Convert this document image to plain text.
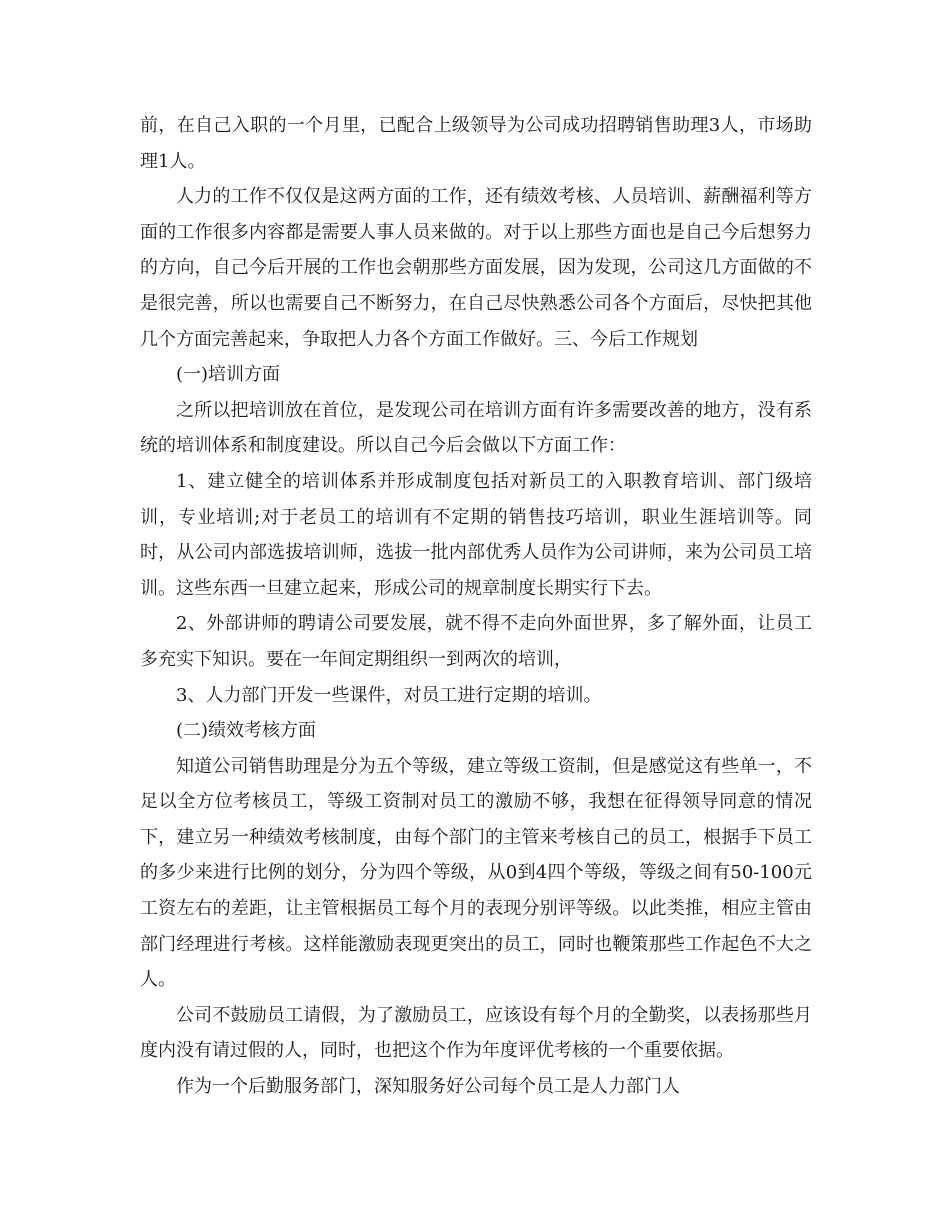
前，在自己入职的一个月里，已配合上级领导为公司成功招聘销售助理3人，市场助理1人。

人力的工作不仅仅是这两方面的工作，还有绩效考核、人员培训、薪酬福利等方面的工作很多内容都是需要人事人员来做的。对于以上那些方面也是自己今后想努力的方向，自己今后开展的工作也会朝那些方面发展，因为发现，公司这几方面做的不是很完善，所以也需要自己不断努力，在自己尽快熟悉公司各个方面后，尽快把其他几个方面完善起来，争取把人力各个方面工作做好。三、今后工作规划

(一)培训方面

之所以把培训放在首位，是发现公司在培训方面有许多需要改善的地方，没有系统的培训体系和制度建设。所以自己今后会做以下方面工作：

1、建立健全的培训体系并形成制度包括对新员工的入职教育培训、部门级培训，专业培训;对于老员工的培训有不定期的销售技巧培训，职业生涯培训等。同时，从公司内部选拔培训师，选拔一批内部优秀人员作为公司讲师，来为公司员工培训。这些东西一旦建立起来，形成公司的规章制度长期实行下去。

2、外部讲师的聘请公司要发展，就不得不走向外面世界，多了解外面，让员工多充实下知识。要在一年间定期组织一到两次的培训，

3、人力部门开发一些课件，对员工进行定期的培训。

(二)绩效考核方面

知道公司销售助理是分为五个等级，建立等级工资制，但是感觉这有些单一，不足以全方位考核员工，等级工资制对员工的激励不够，我想在征得领导同意的情况下，建立另一种绩效考核制度，由每个部门的主管来考核自己的员工，根据手下员工的多少来进行比例的划分，分为四个等级，从0到4四个等级，等级之间有50-100元工资左右的差距，让主管根据员工每个月的表现分别评等级。以此类推，相应主管由部门经理进行考核。这样能激励表现更突出的员工，同时也鞭策那些工作起色不大之人。

公司不鼓励员工请假，为了激励员工，应该设有每个月的全勤奖，以表扬那些月度内没有请过假的人，同时，也把这个作为年度评优考核的一个重要依据。

作为一个后勤服务部门，深知服务好公司每个员工是人力部门人
